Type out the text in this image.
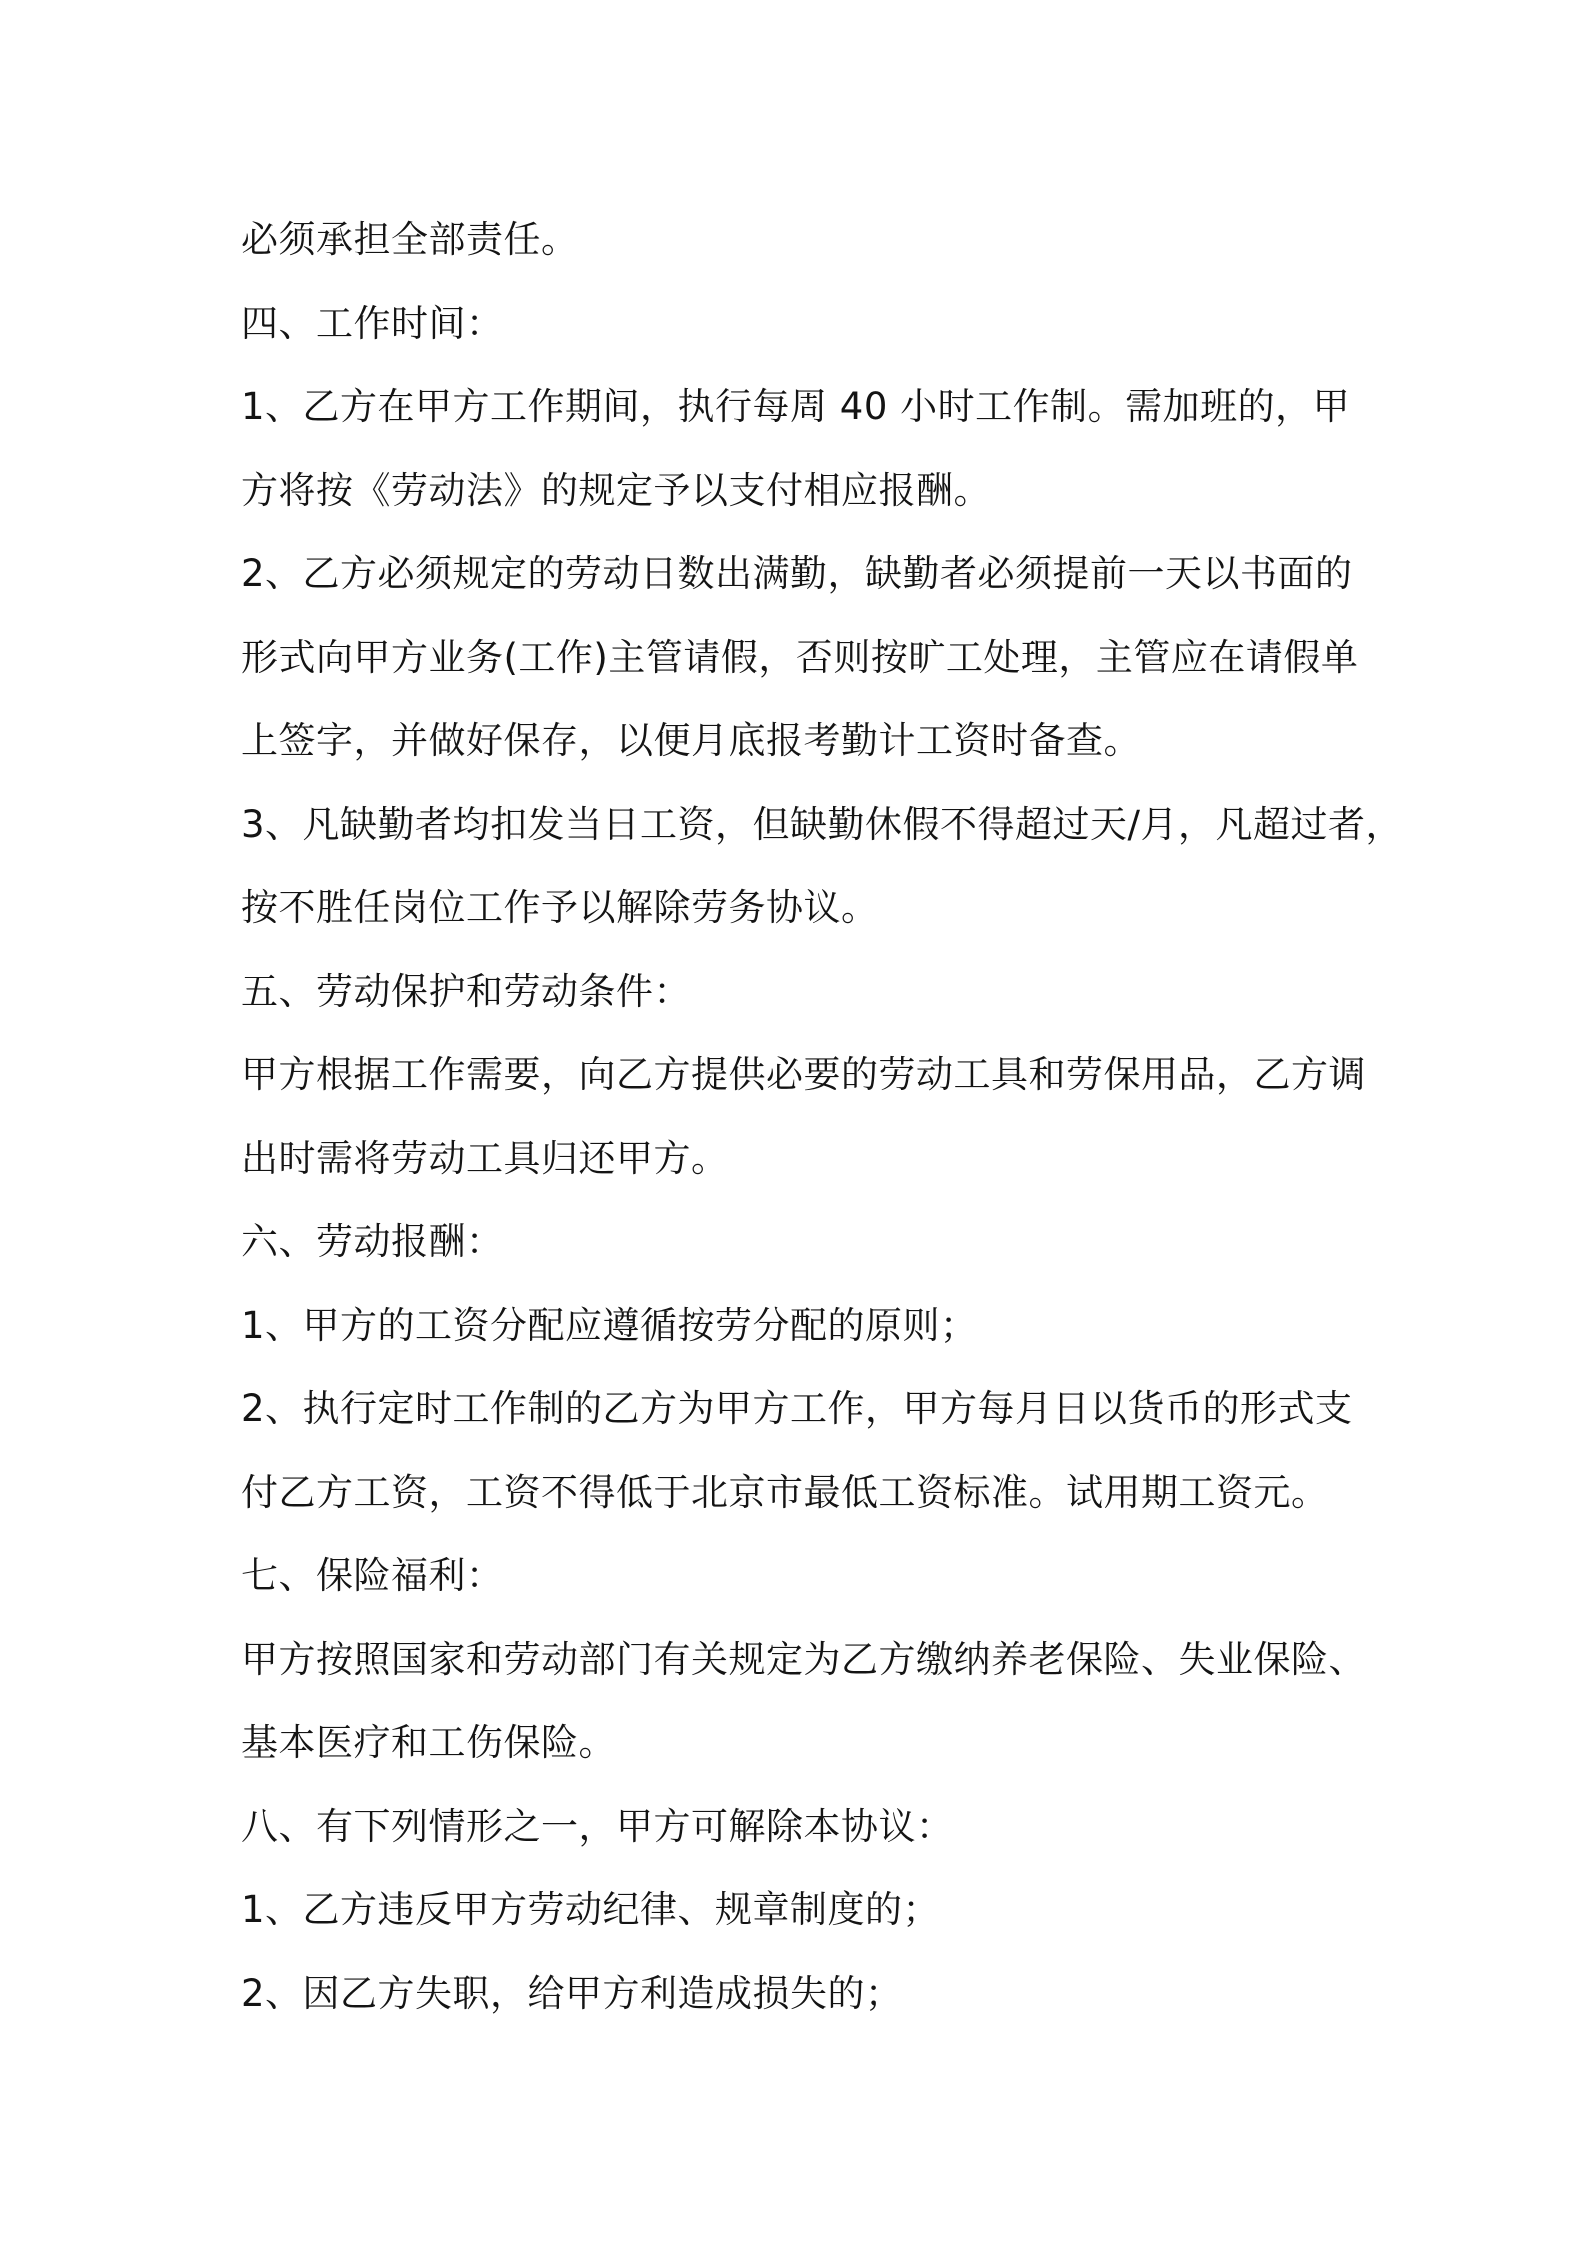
必须承担全部责任。
四、工作时间：
1、乙方在甲方工作期间，执行每周 40 小时工作制。需加班的，甲
方将按《劳动法》的规定予以支付相应报酬。
2、乙方必须规定的劳动日数出满勤，缺勤者必须提前一天以书面的
形式向甲方业务(工作)主管请假，否则按旷工处理，主管应在请假单
上签字，并做好保存，以便月底报考勤计工资时备查。
3、凡缺勤者均扣发当日工资，但缺勤休假不得超过天/月，凡超过者，
按不胜任岗位工作予以解除劳务协议。
五、劳动保护和劳动条件：
甲方根据工作需要，向乙方提供必要的劳动工具和劳保用品，乙方调
出时需将劳动工具归还甲方。
六、劳动报酬：
1、甲方的工资分配应遵循按劳分配的原则；
2、执行定时工作制的乙方为甲方工作，甲方每月日以货币的形式支
付乙方工资，工资不得低于北京市最低工资标准。试用期工资元。
七、保险福利：
甲方按照国家和劳动部门有关规定为乙方缴纳养老保险、失业保险、
基本医疗和工伤保险。
八、有下列情形之一，甲方可解除本协议：
1、乙方违反甲方劳动纪律、规章制度的；
2、因乙方失职，给甲方利造成损失的；
